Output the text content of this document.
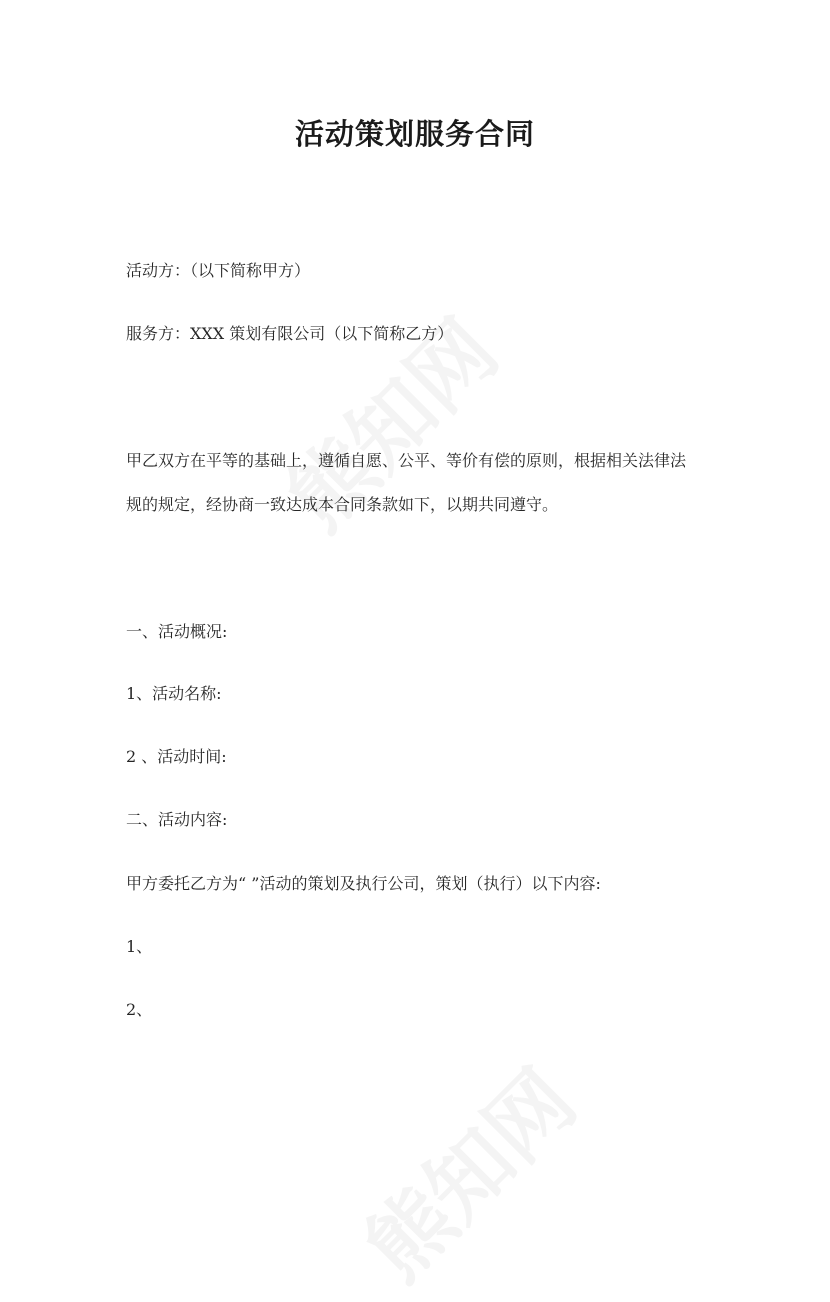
活动策划服务合同
活动方：（以下简称甲方）
服务方：XXX 策划有限公司（以下简称乙方）
甲乙双方在平等的基础上，遵循自愿、公平、等价有偿的原则，根据相关法律法
规的规定，经协商一致达成本合同条款如下，以期共同遵守。
一、活动概况:
1、活动名称:
2 、活动时间:
二、活动内容:
甲方委托乙方为“ ”活动的策划及执行公司，策划（执行）以下内容:
1、
2、
